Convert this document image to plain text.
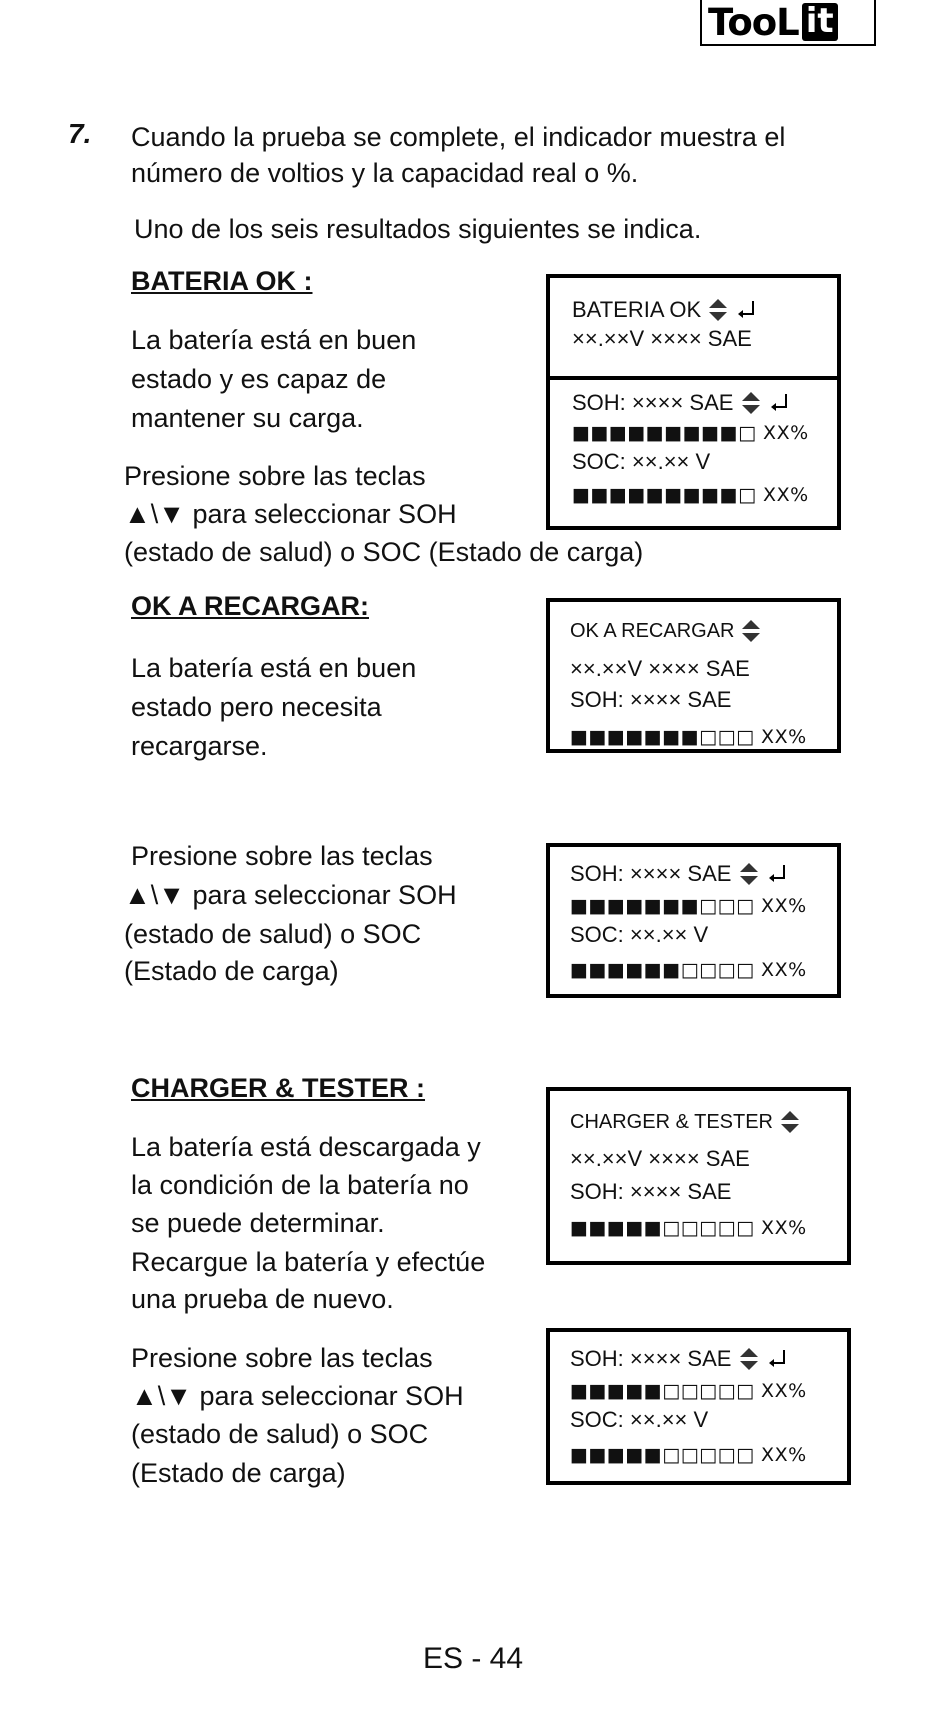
TooL it
7. Cuando la prueba se complete, el indicador muestra el
número de voltios y la capacidad real o %.
Uno de los seis resultados siguientes se indica.
BATERIA OK :
La batería está en buen
estado y es capaz de
mantener su carga.
Presione sobre las teclas
▲\▼ para seleccionar SOH
(estado de salud) o SOC (Estado de carga)
BATERIA OK

××.××V ×××× SAE
SOH: ×××× SAE

■■■■■■■■■□ XX%
SOC: ××.×× V
■■■■■■■■■□ XX%
OK A RECARGAR:
La batería está en buen
estado pero necesita
recargarse.
OK A RECARGAR
××.××V ×××× SAE
SOH: ×××× SAE
■■■■■■■□□□ XX%
Presione sobre las teclas
▲\▼ para seleccionar SOH
(estado de salud) o SOC
(Estado de carga)
SOH: ×××× SAE

■■■■■■■□□□ XX%
SOC: ××.×× V
■■■■■■□□□□ XX%
CHARGER & TESTER :
La batería está descargada y
la condición de la batería no
se puede determinar.
Recargue la batería y efectúe
una prueba de nuevo.
CHARGER & TESTER
××.××V ×××× SAE
SOH: ×××× SAE
■■■■■□□□□□ XX%
Presione sobre las teclas
▲\▼ para seleccionar SOH
(estado de salud) o SOC
(Estado de carga)
SOH: ×××× SAE

■■■■■□□□□□ XX%
SOC: ××.×× V
■■■■■□□□□□ XX%
ES - 44
